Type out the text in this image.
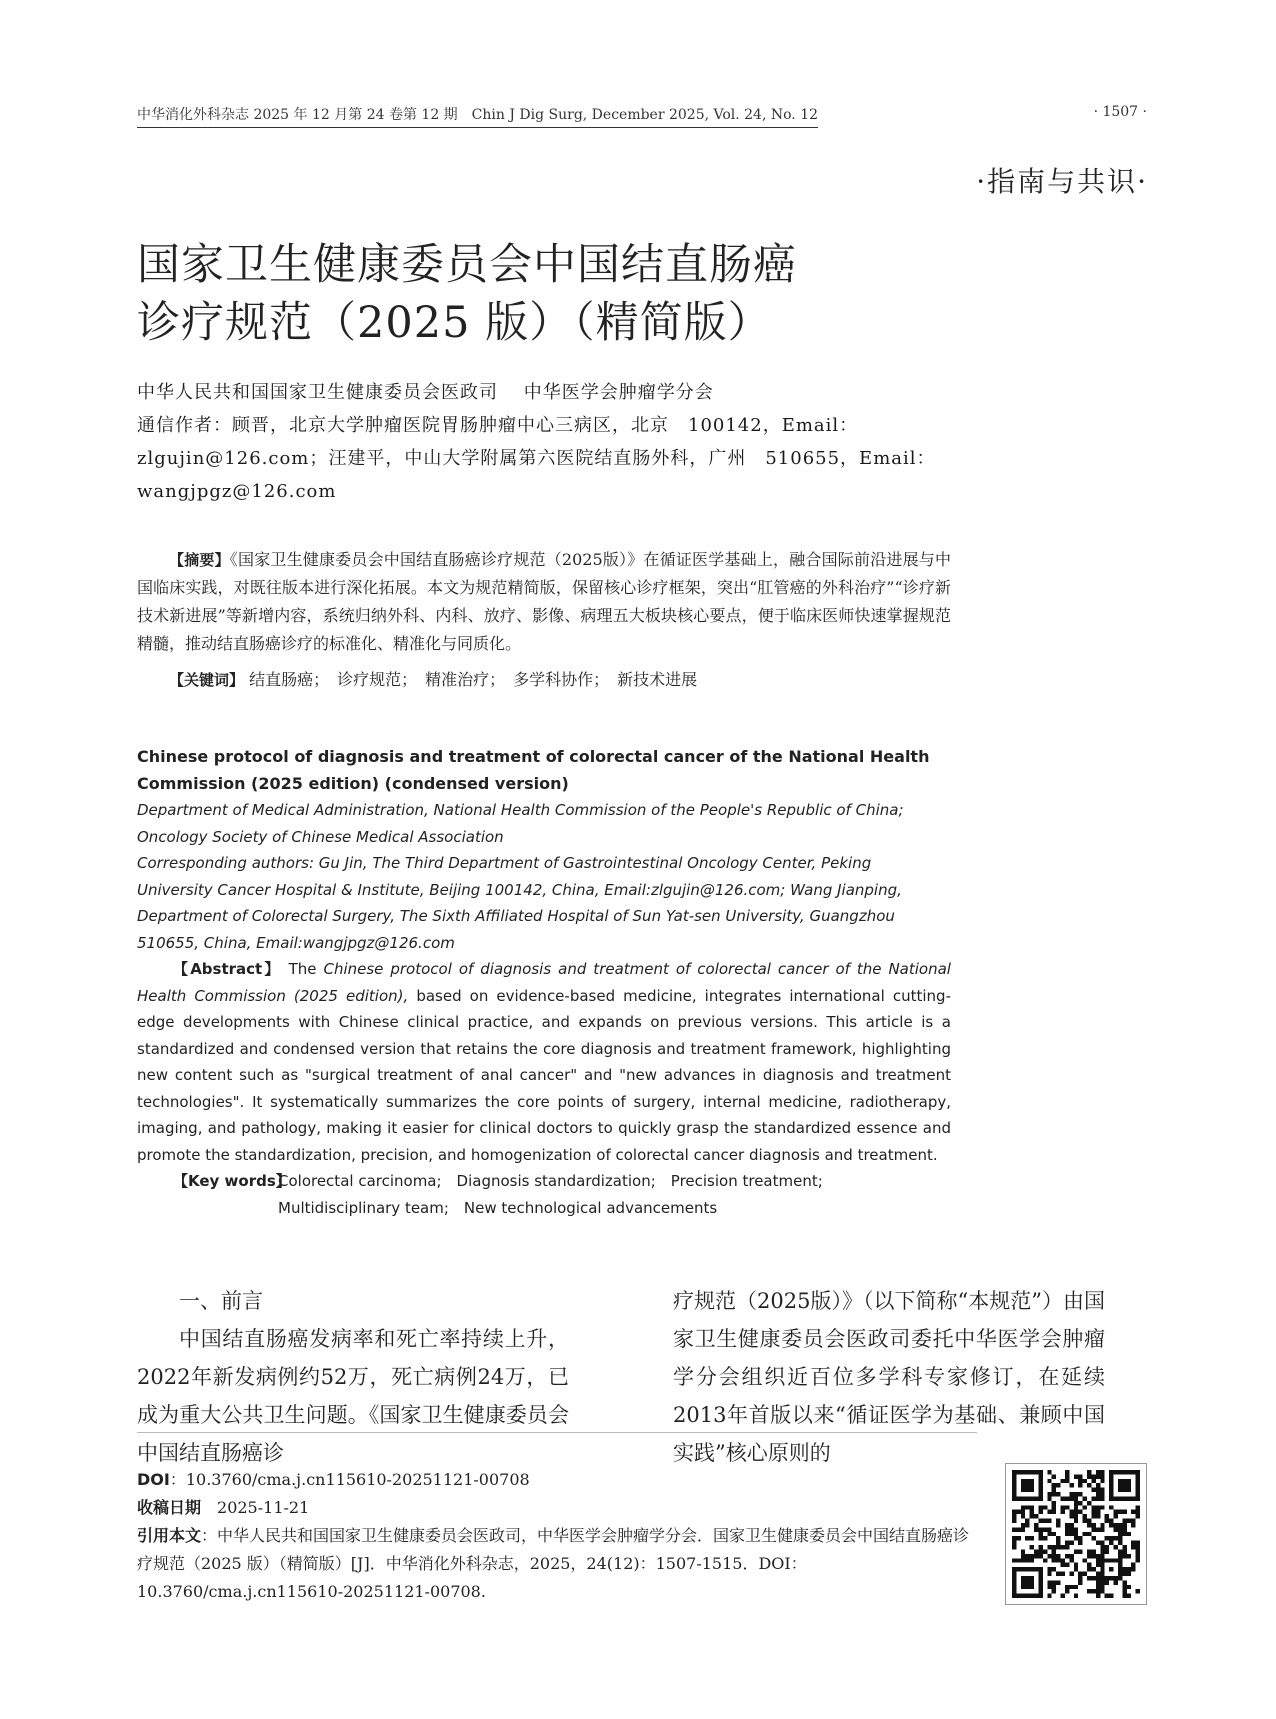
中华消化外科杂志 2025 年 12 月第 24 卷第 12 期　Chin J Dig Surg, December 2025, Vol. 24, No. 12	· 1507 ·
·指南与共识·
国家卫生健康委员会中国结直肠癌
诊疗规范（2025 版）（精简版）
中华人民共和国国家卫生健康委员会医政司　 中华医学会肿瘤学分会
通信作者：顾晋，北京大学肿瘤医院胃肠肿瘤中心三病区，北京　100142，Email：zlgujin@126.com；汪建平，中山大学附属第六医院结直肠外科，广州　510655，Email：wangjpgz@126.com
【摘要】《国家卫生健康委员会中国结直肠癌诊疗规范（2025版）》在循证医学基础上，融合国际前沿进展与中国临床实践，对既往版本进行深化拓展。本文为规范精简版，保留核心诊疗框架，突出“肛管癌的外科治疗”“诊疗新技术新进展”等新增内容，系统归纳外科、内科、放疗、影像、病理五大板块核心要点，便于临床医师快速掌握规范精髓，推动结直肠癌诊疗的标准化、精准化与同质化。
【关键词】 结直肠癌；　诊疗规范；　精准治疗；　多学科协作；　新技术进展
Chinese protocol of diagnosis and treatment of colorectal cancer of the National Health Commission (2025 edition) (condensed version)
Department of Medical Administration, National Health Commission of the People's Republic of China; Oncology Society of Chinese Medical Association
Corresponding authors: Gu Jin, The Third Department of Gastrointestinal Oncology Center, Peking University Cancer Hospital & Institute, Beijing 100142, China, Email:zlgujin@126.com; Wang Jianping, Department of Colorectal Surgery, The Sixth Affiliated Hospital of Sun Yat-sen University, Guangzhou 510655, China, Email:wangjpgz@126.com
【Abstract】 The Chinese protocol of diagnosis and treatment of colorectal cancer of the National Health Commission (2025 edition), based on evidence-based medicine, integrates international cutting-edge developments with Chinese clinical practice, and expands on previous versions. This article is a standardized and condensed version that retains the core diagnosis and treatment framework, highlighting new content such as "surgical treatment of anal cancer" and "new advances in diagnosis and treatment technologies". It systematically summarizes the core points of surgery, internal medicine, radiotherapy, imaging, and pathology, making it easier for clinical doctors to quickly grasp the standardized essence and promote the standardization, precision, and homogenization of colorectal cancer diagnosis and treatment.
【Key words】
Colorectal carcinoma;　Diagnosis standardization;　Precision treatment;　Multidisciplinary team;　New technological advancements
一、前言
中国结直肠癌发病率和死亡率持续上升，2022年新发病例约52万，死亡病例24万，已成为重大公共卫生问题。《国家卫生健康委员会中国结直肠癌诊
疗规范（2025版）》（以下简称“本规范”）由国家卫生健康委员会医政司委托中华医学会肿瘤学分会组织近百位多学科专家修订，在延续2013年首版以来“循证医学为基础、兼顾中国实践”核心原则的
DOI：10.3760/cma.j.cn115610-20251121-00708
收稿日期　2025-11-21
引用本文：中华人民共和国国家卫生健康委员会医政司，中华医学会肿瘤学分会．国家卫生健康委员会中国结直肠癌诊疗规范（2025 版）（精简版）[J]．中华消化外科杂志，2025，24(12)：1507-1515．DOI：10.3760/cma.j.cn115610-20251121-00708.
